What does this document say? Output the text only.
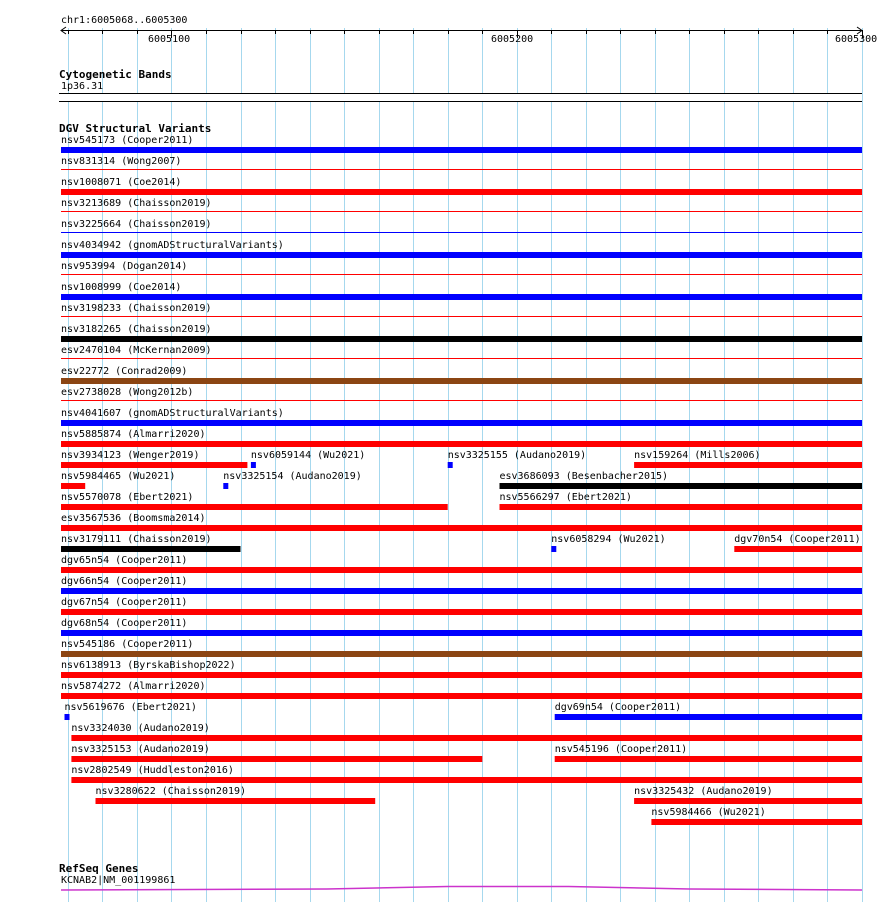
chr1:6005068..6005300
6005100	6005200	6005300
Cytogenetic Bands
1p36.31
DGV Structural Variants
nsv545173 (Cooper2011)
nsv831314 (Wong2007)
nsv1008071 (Coe2014)
nsv3213689 (Chaisson2019)
nsv3225664 (Chaisson2019)
nsv4034942 (gnomADStructuralVariants)
nsv953994 (Dogan2014)
nsv1008999 (Coe2014)
nsv3198233 (Chaisson2019)
nsv3182265 (Chaisson2019)
esv2470104 (McKernan2009)
esv22772 (Conrad2009)
esv2738028 (Wong2012b)
nsv4041607 (gnomADStructuralVariants)
nsv5885874 (Almarri2020)
nsv3934123 (Wenger2019)	nsv6059144 (Wu2021)	nsv3325155 (Audano2019)	nsv159264 (Mills2006)
nsv5984465 (Wu2021)	nsv3325154 (Audano2019)	esv3686093 (Besenbacher2015)
nsv5570078 (Ebert2021)	nsv5566297 (Ebert2021)
esv3567536 (Boomsma2014)
nsv3179111 (Chaisson2019)	nsv6058294 (Wu2021)	dgv70n54 (Cooper2011)
dgv65n54 (Cooper2011)
dgv66n54 (Cooper2011)
dgv67n54 (Cooper2011)
dgv68n54 (Cooper2011)
nsv545186 (Cooper2011)
nsv6138913 (ByrskaBishop2022)
nsv5874272 (Almarri2020)
nsv5619676 (Ebert2021)	dgv69n54 (Cooper2011)
nsv3324030 (Audano2019)
nsv3325153 (Audano2019)	nsv545196 (Cooper2011)
nsv2802549 (Huddleston2016)
nsv3280622 (Chaisson2019)	nsv3325432 (Audano2019)
nsv5984466 (Wu2021)
RefSeq Genes
KCNAB2|NM_001199861
